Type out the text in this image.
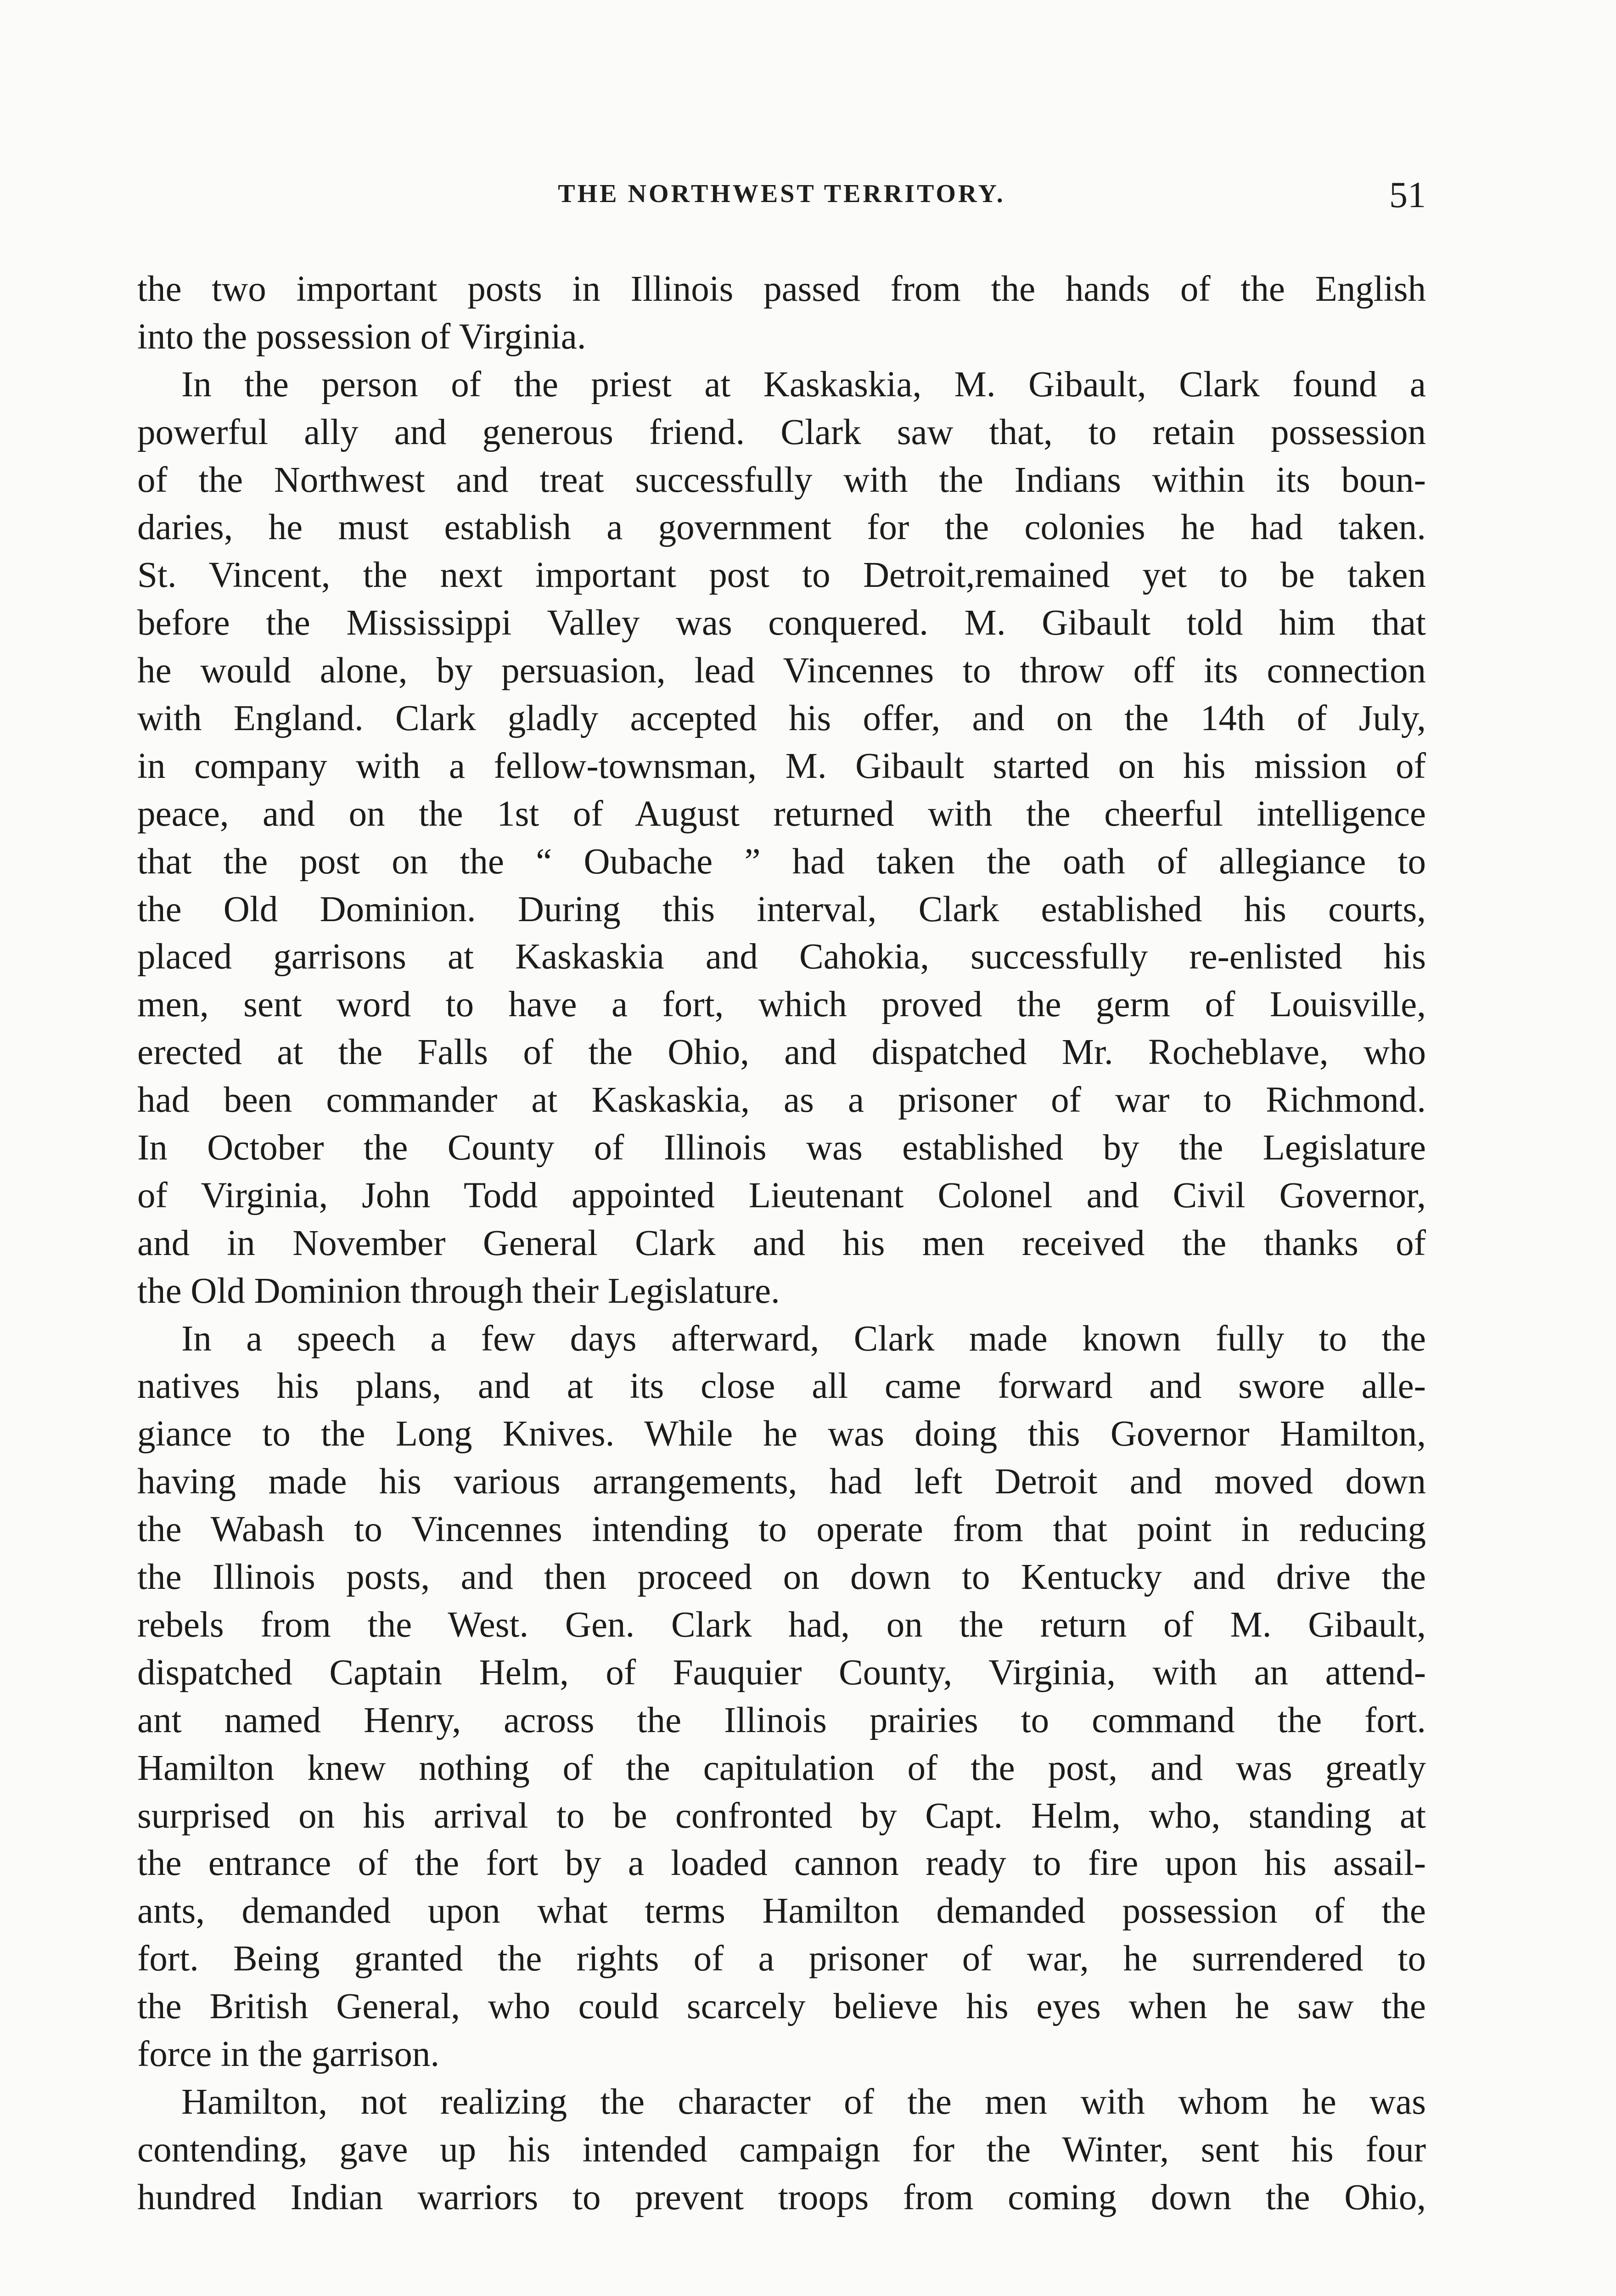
THE NORTHWEST TERRITORY.	51
the two important posts in Illinois passed from the hands of the English
into the possession of Virginia.
In the person of the priest at Kaskaskia, M. Gibault, Clark found a
powerful ally and generous friend. Clark saw that, to retain possession
of the Northwest and treat successfully with the Indians within its boun-
daries, he must establish a government for the colonies he had taken.
St. Vincent, the next important post to Detroit,remained yet to be taken
before the Mississippi Valley was conquered. M. Gibault told him that
he would alone, by persuasion, lead Vincennes to throw off its connection
with England. Clark gladly accepted his offer, and on the 14th of July,
in company with a fellow-townsman, M. Gibault started on his mission of
peace, and on the 1st of August returned with the cheerful intelligence
that the post on the “ Oubache ” had taken the oath of allegiance to
the Old Dominion. During this interval, Clark established his courts,
placed garrisons at Kaskaskia and Cahokia, successfully re-enlisted his
men, sent word to have a fort, which proved the germ of Louisville,
erected at the Falls of the Ohio, and dispatched Mr. Rocheblave, who
had been commander at Kaskaskia, as a prisoner of war to Richmond.
In October the County of Illinois was established by the Legislature
of Virginia, John Todd appointed Lieutenant Colonel and Civil Governor,
and in November General Clark and his men received the thanks of
the Old Dominion through their Legislature.
In a speech a few days afterward, Clark made known fully to the
natives his plans, and at its close all came forward and swore alle-
giance to the Long Knives. While he was doing this Governor Hamilton,
having made his various arrangements, had left Detroit and moved down
the Wabash to Vincennes intending to operate from that point in reducing
the Illinois posts, and then proceed on down to Kentucky and drive the
rebels from the West. Gen. Clark had, on the return of M. Gibault,
dispatched Captain Helm, of Fauquier County, Virginia, with an attend-
ant named Henry, across the Illinois prairies to command the fort.
Hamilton knew nothing of the capitulation of the post, and was greatly
surprised on his arrival to be confronted by Capt. Helm, who, standing at
the entrance of the fort by a loaded cannon ready to fire upon his assail-
ants, demanded upon what terms Hamilton demanded possession of the
fort. Being granted the rights of a prisoner of war, he surrendered to
the British General, who could scarcely believe his eyes when he saw the
force in the garrison.
Hamilton, not realizing the character of the men with whom he was
contending, gave up his intended campaign for the Winter, sent his four
hundred Indian warriors to prevent troops from coming down the Ohio,
